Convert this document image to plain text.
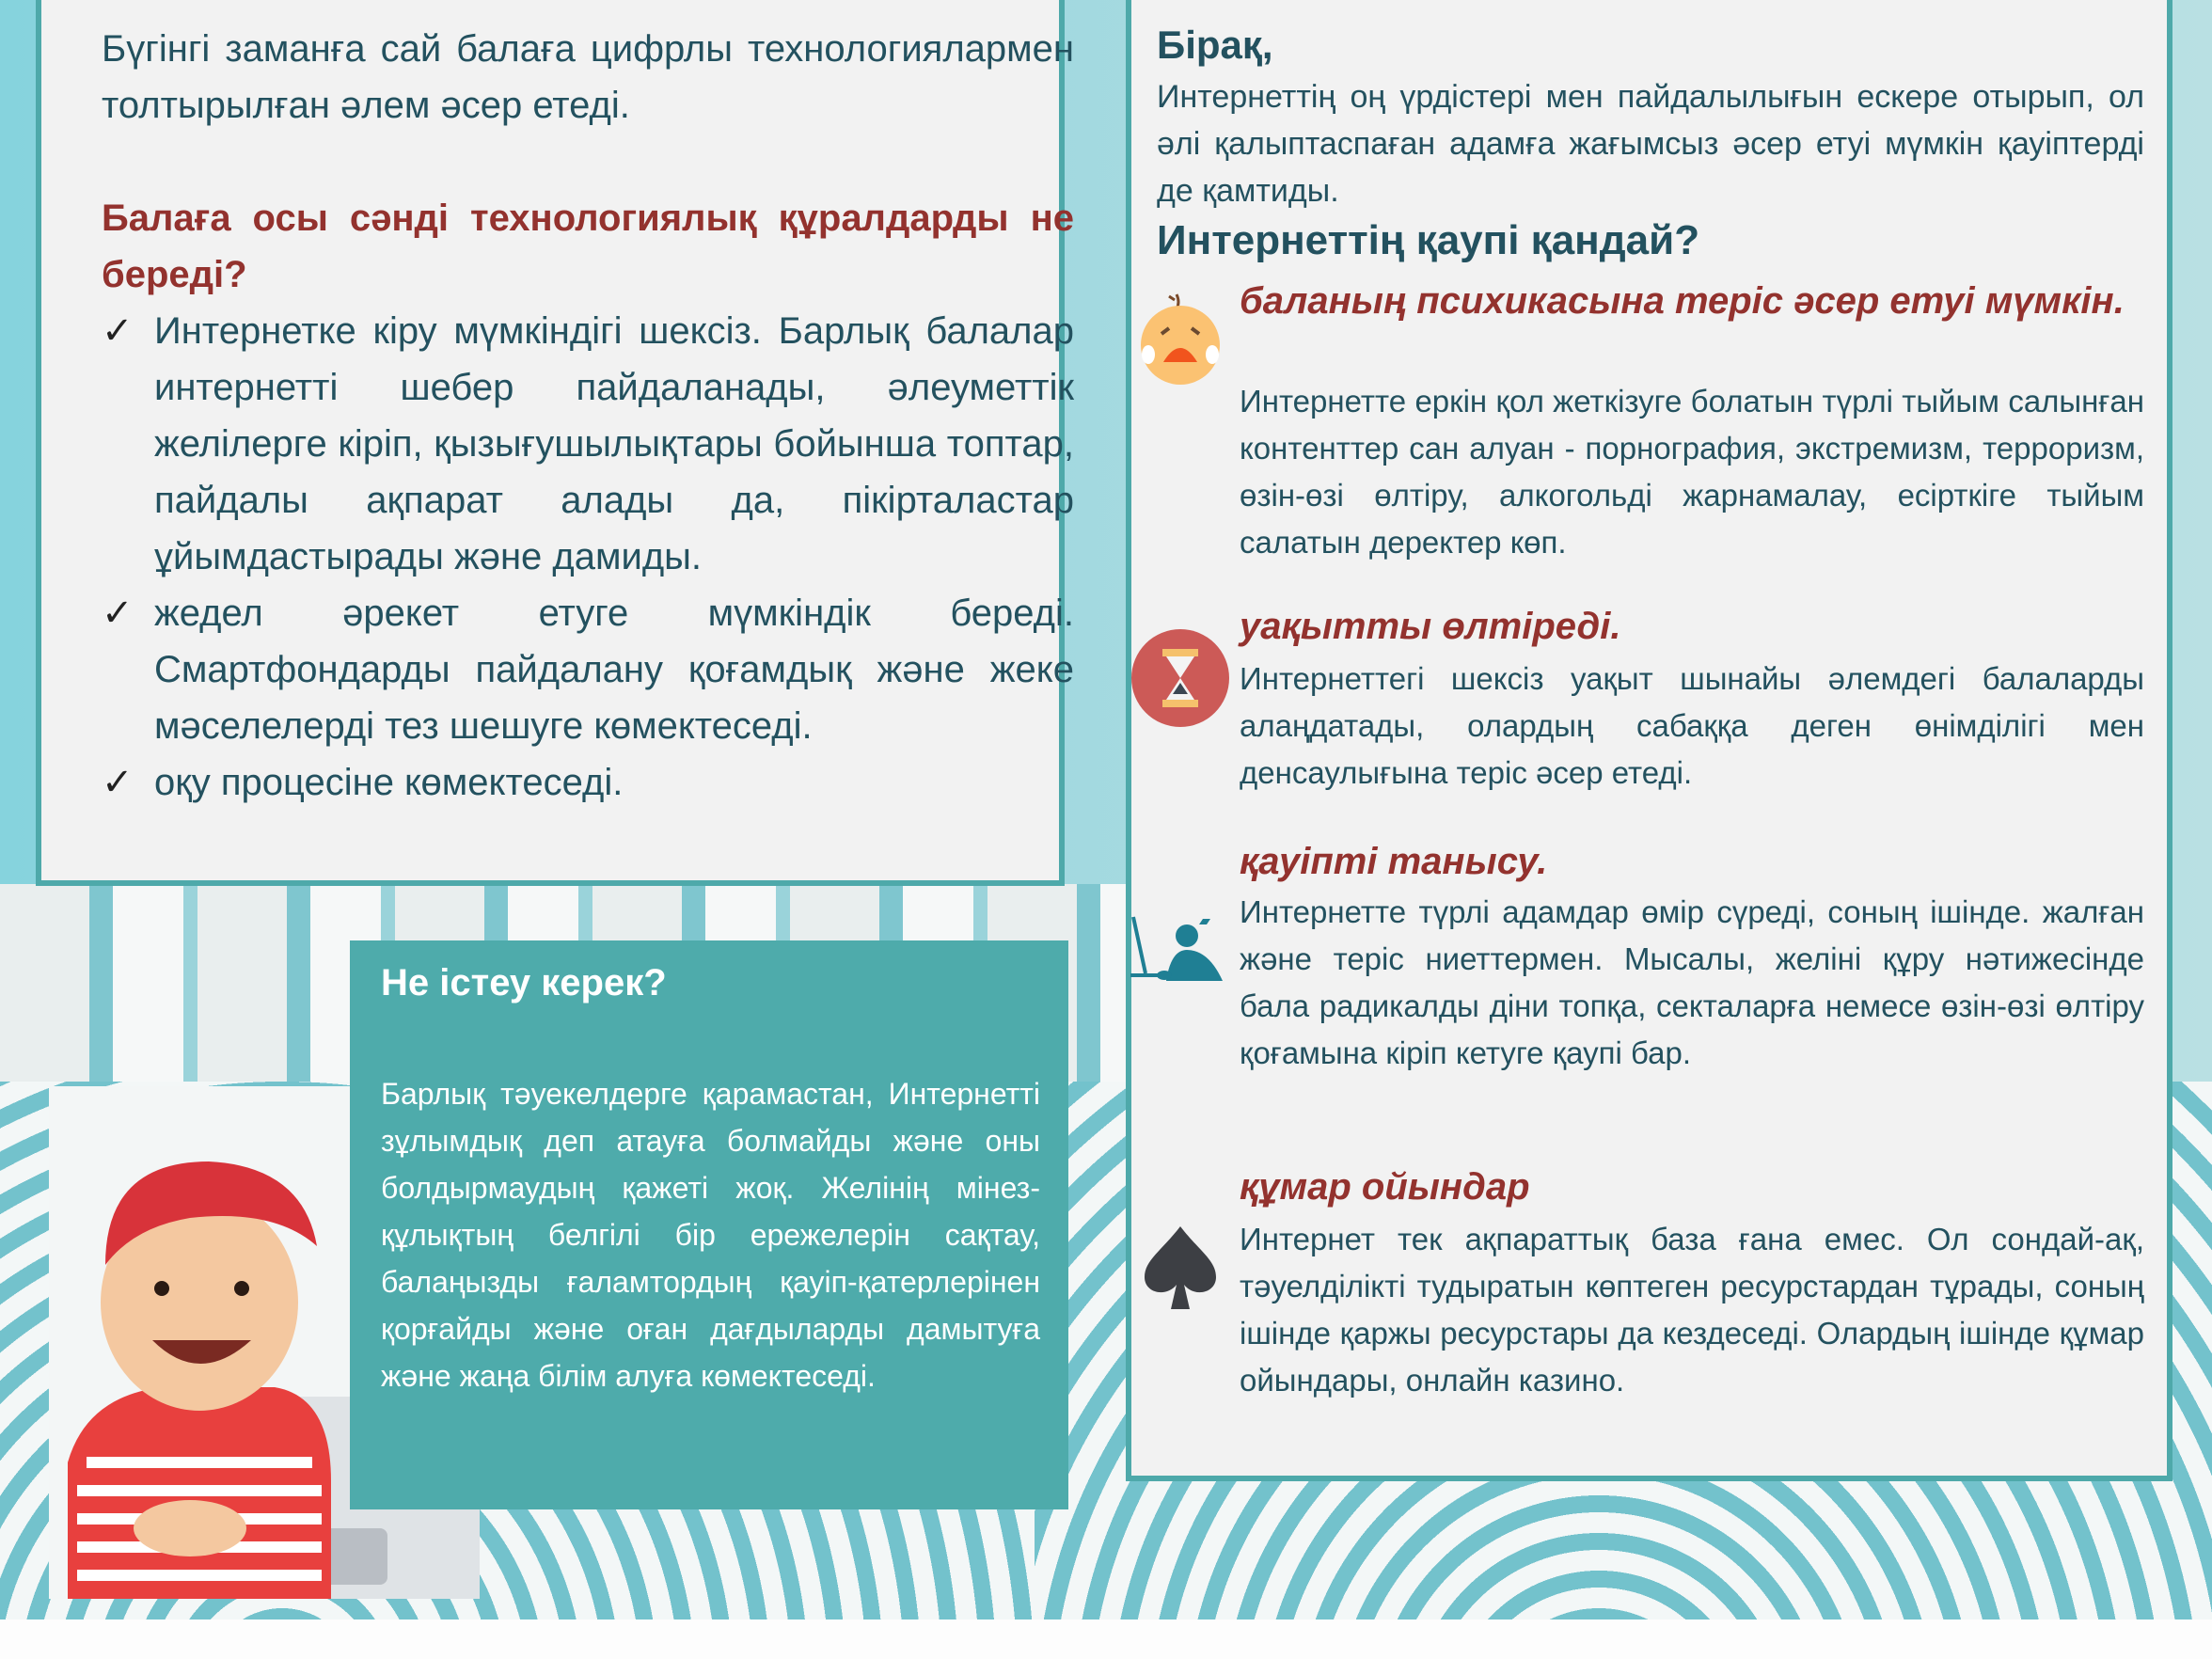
Бүгінгі заманға сай балаға цифрлы технологиялармен толтырылған әлем әсер етеді.
Балаға осы сәнді технологиялық құралдарды не береді?
✓ Интернетке кіру мүмкіндігі шексіз. Барлық балалар интернетті шебер пайдаланады, әлеуметтік желілерге кіріп, қызығушылықтары бойынша топтар, пайдалы ақпарат алады да, пікірталастар ұйымдастырады және дамиды.
✓ жедел әрекет етуге мүмкіндік береді. Смартфондарды пайдалану қоғамдық және жеке мәселелерді тез шешуге көмектеседі.
✓ оқу процесіне көмектеседі.
Не істеу керек?
Барлық тәуекелдерге қарамастан, Интернетті зұлымдық деп атауға болмайды және оны болдырмаудың қажеті жоқ. Желінің мінез-құлықтың белгілі бір ережелерін сақтау, балаңызды ғаламтордың қауіп-қатерлерінен қорғайды және оған дағдыларды дамытуға және жаңа білім алуға көмектеседі.
Бірақ,
Интернеттің оң үрдістері мен пайдалылығын ескере отырып, ол әлі қалыптаспаған адамға жағымсыз әсер етуі мүмкін қауіптерді де қамтиды.
Интернеттің қаупі қандай?
баланың психикасына теріс әсер етуі мүмкін.
Интернетте еркін қол жеткізуге болатын түрлі тыйым салынған контенттер сан алуан - порнография, экстремизм, терроризм, өзін-өзі өлтіру, алкогольді жарнамалау, есірткіге тыйым салатын деректер көп.
уақытты өлтіреді.
Интернеттегі шексіз уақыт шынайы әлемдегі балаларды алаңдатады, олардың сабаққа деген өнімділігі мен денсаулығына теріс әсер етеді.
қауіпті танысу.
Интернетте түрлі адамдар өмір сүреді, соның ішінде. жалған және теріс ниеттермен. Мысалы, желіні құру нәтижесінде бала радикалды діни топқа, секталарға немесе өзін-өзі өлтіру қоғамына кіріп кетуге қаупі бар.
құмар ойындар
Интернет тек ақпараттық база ғана емес. Ол сондай-ақ, тәуелділікті тудыратын көптеген ресурстардан тұрады, соның ішінде қаржы ресурстары да кездеседі. Олардың ішінде құмар ойындары, онлайн казино.
